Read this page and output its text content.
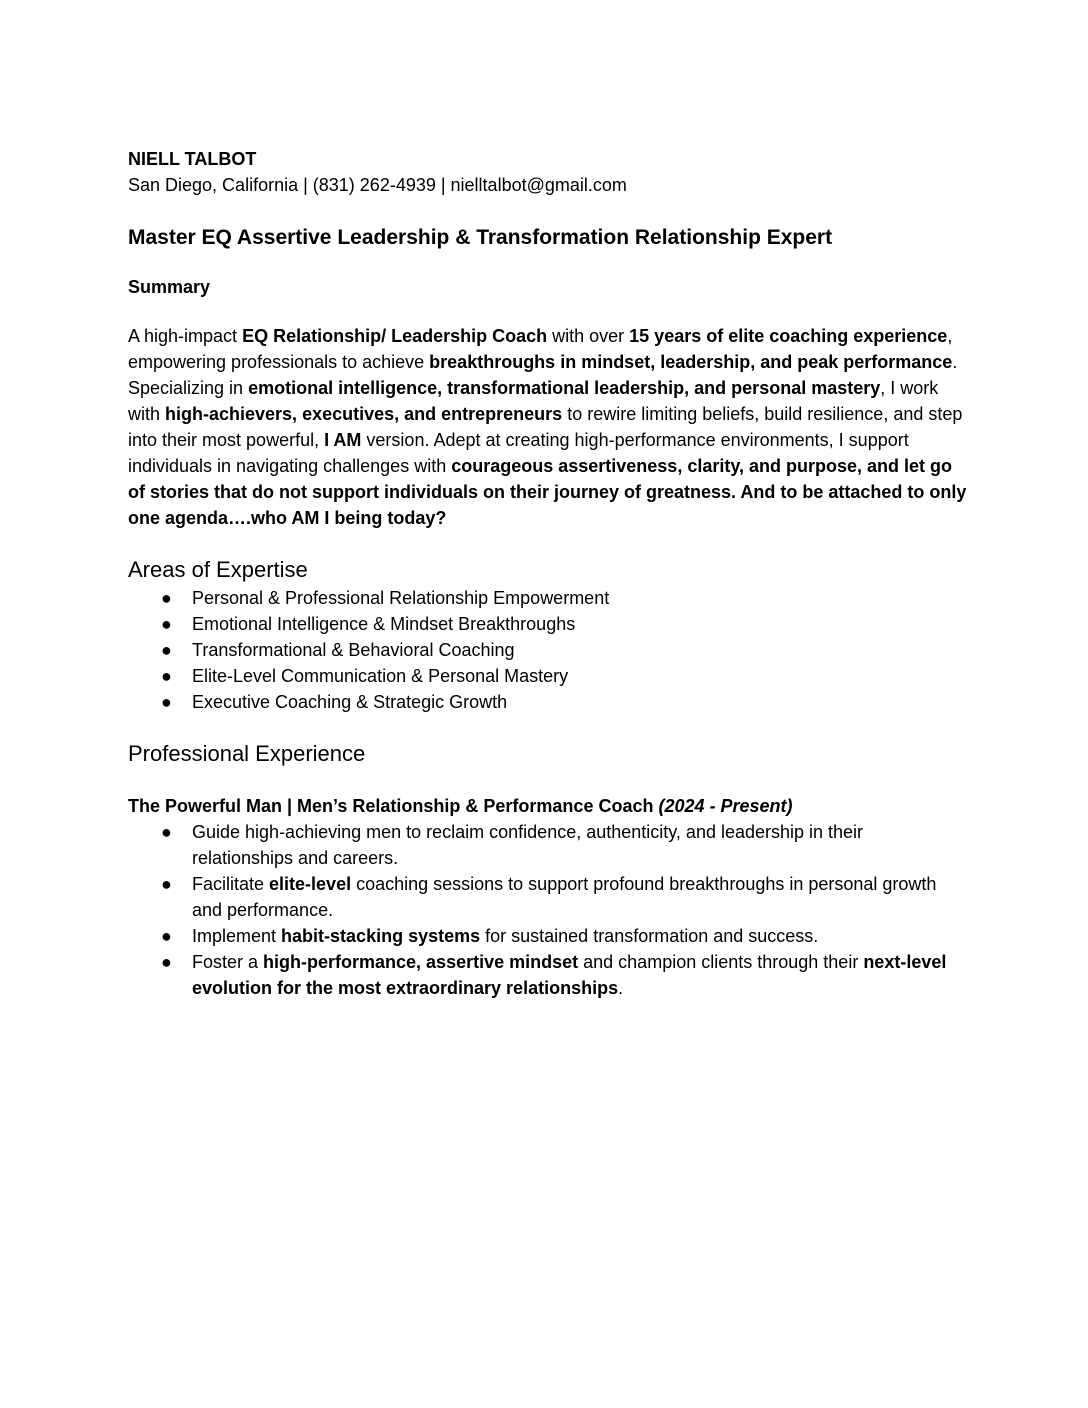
NIELL TALBOT
San Diego, California | (831) 262-4939 | nielltalbot@gmail.com
Master EQ Assertive Leadership & Transformation Relationship Expert
Summary
A high-impact EQ Relationship/ Leadership Coach with over 15 years of elite coaching experience, empowering professionals to achieve breakthroughs in mindset, leadership, and peak performance. Specializing in emotional intelligence, transformational leadership, and personal mastery, I work with high-achievers, executives, and entrepreneurs to rewire limiting beliefs, build resilience, and step into their most powerful, I AM version. Adept at creating high-performance environments, I support individuals in navigating challenges with courageous assertiveness, clarity, and purpose, and let go of stories that do not support individuals on their journey of greatness. And to be attached to only one agenda….who AM I being today?
Areas of Expertise
● Personal & Professional Relationship Empowerment
● Emotional Intelligence & Mindset Breakthroughs
● Transformational & Behavioral Coaching
● Elite-Level Communication & Personal Mastery
● Executive Coaching & Strategic Growth
Professional Experience
The Powerful Man | Men’s Relationship & Performance Coach (2024 - Present)
● Guide high-achieving men to reclaim confidence, authenticity, and leadership in their relationships and careers.
● Facilitate elite-level coaching sessions to support profound breakthroughs in personal growth and performance.
● Implement habit-stacking systems for sustained transformation and success.
● Foster a high-performance, assertive mindset and champion clients through their next-level evolution for the most extraordinary relationships.
